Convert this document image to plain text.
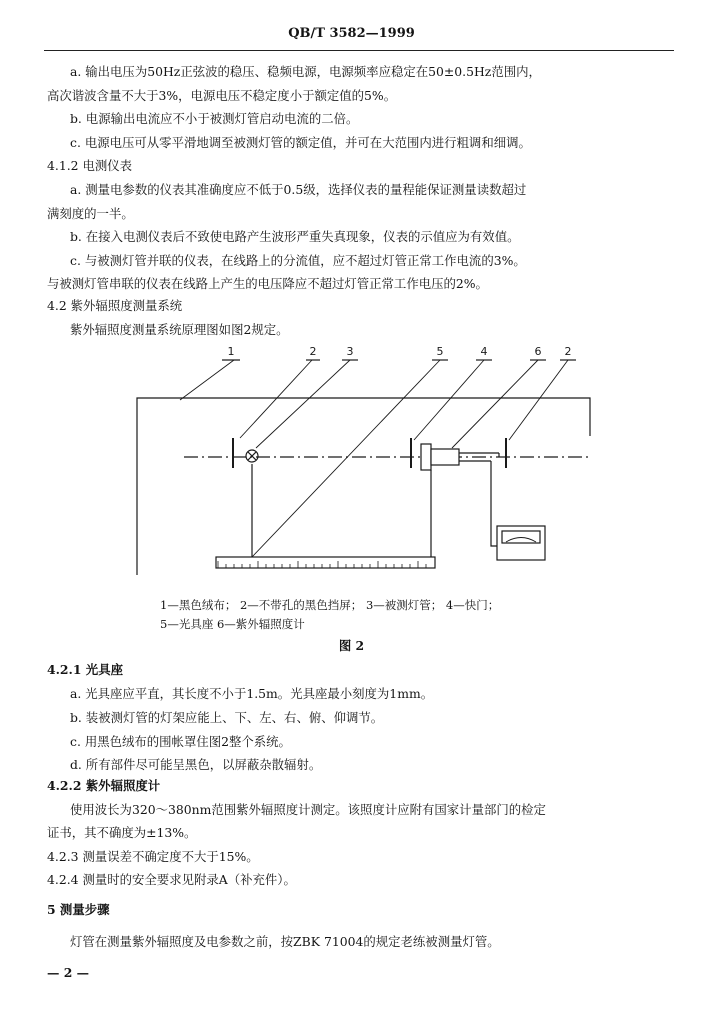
QB/T 3582—1999
a. 输出电压为50Hz正弦波的稳压、稳频电源，电源频率应稳定在50±0.5Hz范围内，
高次谐波含量不大于3%，电源电压不稳定度小于额定值的5%。
b. 电源输出电流应不小于被测灯管启动电流的二倍。
c. 电源电压可从零平滑地调至被测灯管的额定值，并可在大范围内进行粗调和细调。
4.1.2 电测仪表
a. 测量电参数的仪表其准确度应不低于0.5级，选择仪表的量程能保证测量读数超过
满刻度的一半。
b. 在接入电测仪表后不致使电路产生波形严重失真现象，仪表的示值应为有效值。
c. 与被测灯管并联的仪表，在线路上的分流值，应不超过灯管正常工作电流的3%。
与被测灯管串联的仪表在线路上产生的电压降应不超过灯管正常工作电压的2%。
4.2 紫外辐照度测量系统
紫外辐照度测量系统原理图如图2规定。
1	2	3	5	4	6 2
1—黑色绒布； 2—不带孔的黑色挡屏； 3—被测灯管； 4—快门；
5—光具座 6—紫外辐照度计
图 2
4.2.1 光具座
a. 光具座应平直，其长度不小于1.5m。光具座最小刻度为1mm。
b. 装被测灯管的灯架应能上、下、左、右、俯、仰调节。
c. 用黑色绒布的围帐罩住图2整个系统。
d. 所有部件尽可能呈黑色，以屏蔽杂散辐射。
4.2.2 紫外辐照度计
使用波长为320～380nm范围紫外辐照度计测定。该照度计应附有国家计量部门的检定
证书，其不确度为±13%。
4.2.3 测量误差不确定度不大于15%。
4.2.4 测量时的安全要求见附录A（补充件）。
5 测量步骤
灯管在测量紫外辐照度及电参数之前，按ZBK 71004的规定老练被测量灯管。
— 2 —
